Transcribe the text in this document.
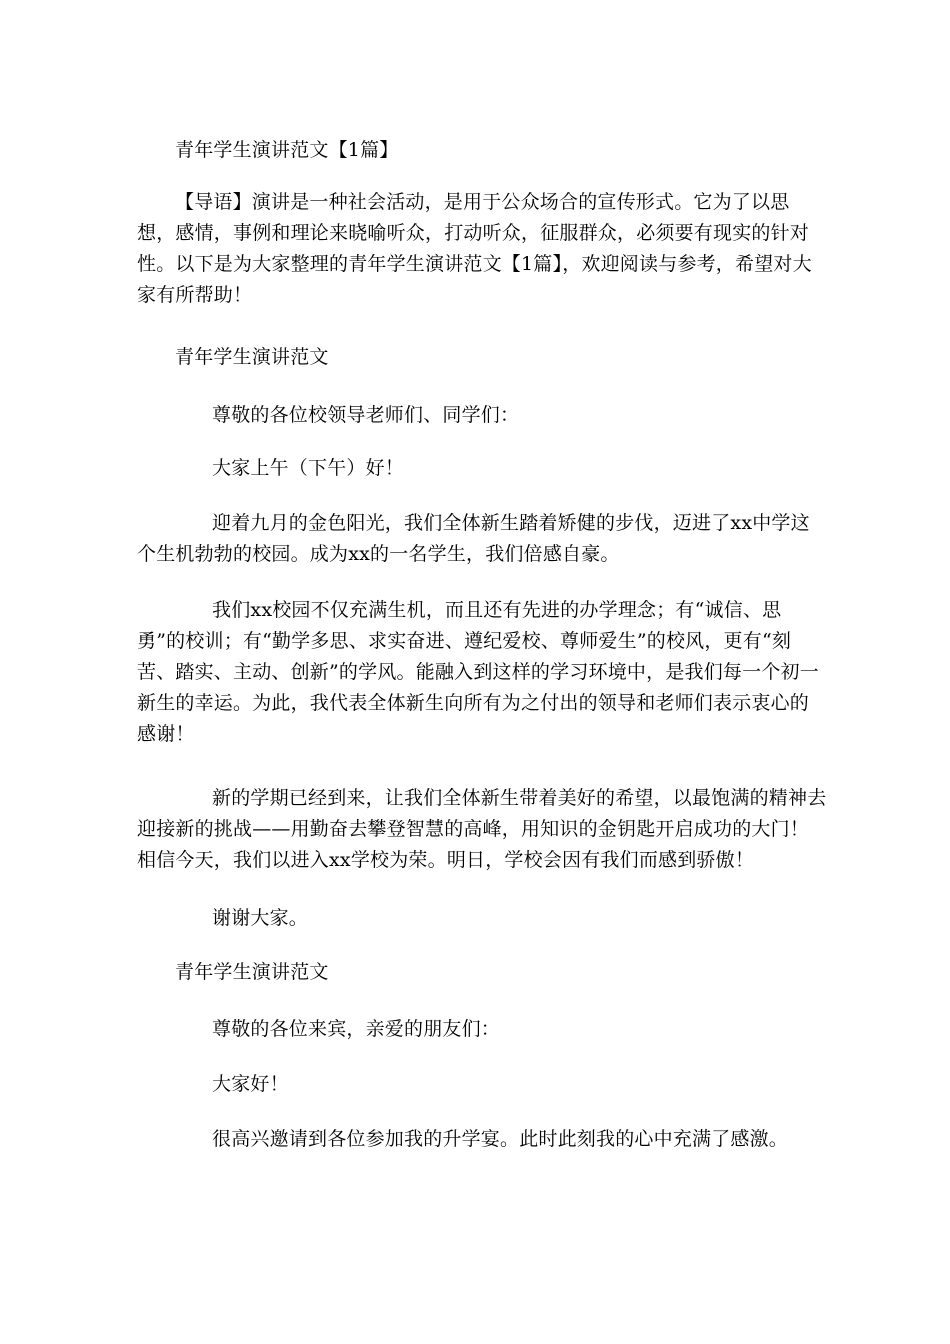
青年学生演讲范文【1篇】
【导语】演讲是一种社会活动，是用于公众场合的宣传形式。它为了以思想，感情，事例和理论来晓喻听众，打动听众，征服群众，必须要有现实的针对性。以下是为大家整理的青年学生演讲范文【1篇】，欢迎阅读与参考，希望对大家有所帮助！
青年学生演讲范文
尊敬的各位校领导老师们、同学们：
大家上午（下午）好！
迎着九月的金色阳光，我们全体新生踏着矫健的步伐，迈进了xx中学这个生机勃勃的校园。成为xx的一名学生，我们倍感自豪。
我们xx校园不仅充满生机，而且还有先进的办学理念；有“诚信、思勇”的校训；有“勤学多思、求实奋进、遵纪爱校、尊师爱生”的校风，更有“刻苦、踏实、主动、创新”的学风。能融入到这样的学习环境中，是我们每一个初一新生的幸运。为此，我代表全体新生向所有为之付出的领导和老师们表示衷心的感谢！
新的学期已经到来，让我们全体新生带着美好的希望，以最饱满的精神去迎接新的挑战——用勤奋去攀登智慧的高峰，用知识的金钥匙开启成功的大门！相信今天，我们以进入xx学校为荣。明日，学校会因有我们而感到骄傲！
谢谢大家。
青年学生演讲范文
尊敬的各位来宾，亲爱的朋友们：
大家好！
很高兴邀请到各位参加我的升学宴。此时此刻我的心中充满了感激。
